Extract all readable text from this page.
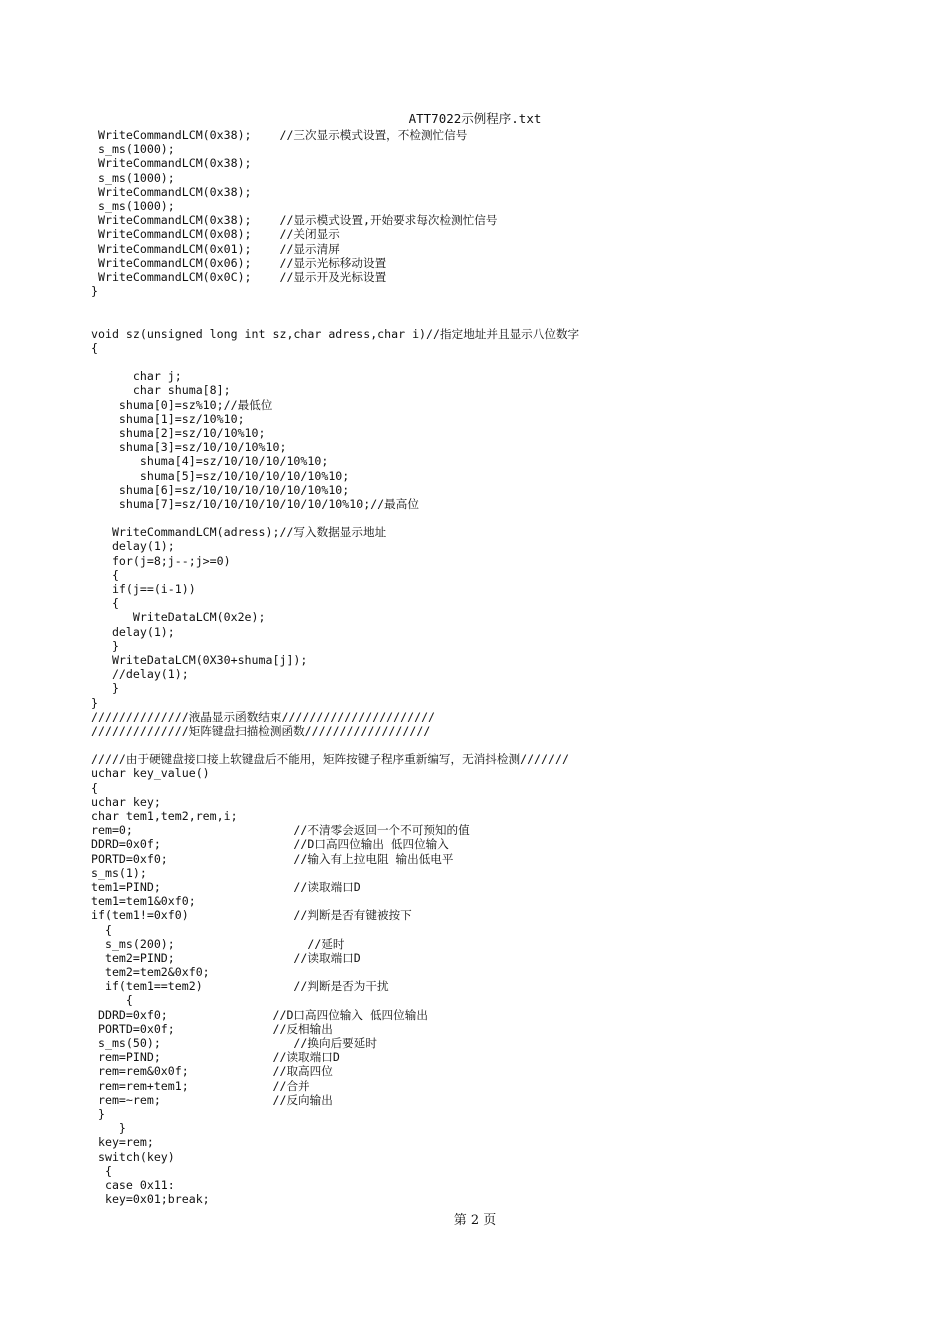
ATT7022示例程序.txt
WriteCommandLCM(0x38);    //三次显示模式设置，不检测忙信号
s_ms(1000);
WriteCommandLCM(0x38);
s_ms(1000);
WriteCommandLCM(0x38);
s_ms(1000);
WriteCommandLCM(0x38);    //显示模式设置,开始要求每次检测忙信号
WriteCommandLCM(0x08);    //关闭显示
WriteCommandLCM(0x01);    //显示清屏
WriteCommandLCM(0x06);    //显示光标移动设置
WriteCommandLCM(0x0C);    //显示开及光标设置
}
void sz(unsigned long int sz,char adress,char i)//指定地址并且显示八位数字
{
char j;
char shuma[8];
shuma[0]=sz%10;//最低位
shuma[1]=sz/10%10;
shuma[2]=sz/10/10%10;
shuma[3]=sz/10/10/10%10;
shuma[4]=sz/10/10/10/10%10;
shuma[5]=sz/10/10/10/10/10%10;
shuma[6]=sz/10/10/10/10/10/10%10;
shuma[7]=sz/10/10/10/10/10/10/10%10;//最高位
WriteCommandLCM(adress);//写入数据显示地址
delay(1);
for(j=8;j--;j>=0)
{
if(j==(i-1))
{
WriteDataLCM(0x2e);
delay(1);
}
WriteDataLCM(0X30+shuma[j]);
//delay(1);
}
}
//////////////液晶显示函数结束//////////////////////
//////////////矩阵键盘扫描检测函数//////////////////
/////由于硬键盘接口接上软键盘后不能用，矩阵按键子程序重新编写，无消抖检测///////
uchar key_value()
{
uchar key;
char tem1,tem2,rem,i;
rem=0;                       //不清零会返回一个不可预知的值
DDRD=0x0f;                   //D口高四位输出 低四位输入
PORTD=0xf0;                  //输入有上拉电阻 输出低电平
s_ms(1);
tem1=PIND;                   //读取端口D
tem1=tem1&0xf0;
if(tem1!=0xf0)               //判断是否有键被按下
{
s_ms(200);                   //延时
tem2=PIND;                 //读取端口D
tem2=tem2&0xf0;
if(tem1==tem2)             //判断是否为干扰
{
DDRD=0xf0;               //D口高四位输入 低四位输出
PORTD=0x0f;              //反相输出
s_ms(50);                   //换向后要延时
rem=PIND;                //读取端口D
rem=rem&0x0f;            //取高四位
rem=rem+tem1;            //合并
rem=~rem;                //反向输出
}
}
key=rem;
switch(key)
{
case 0x11:
key=0x01;break;
第 2 页
